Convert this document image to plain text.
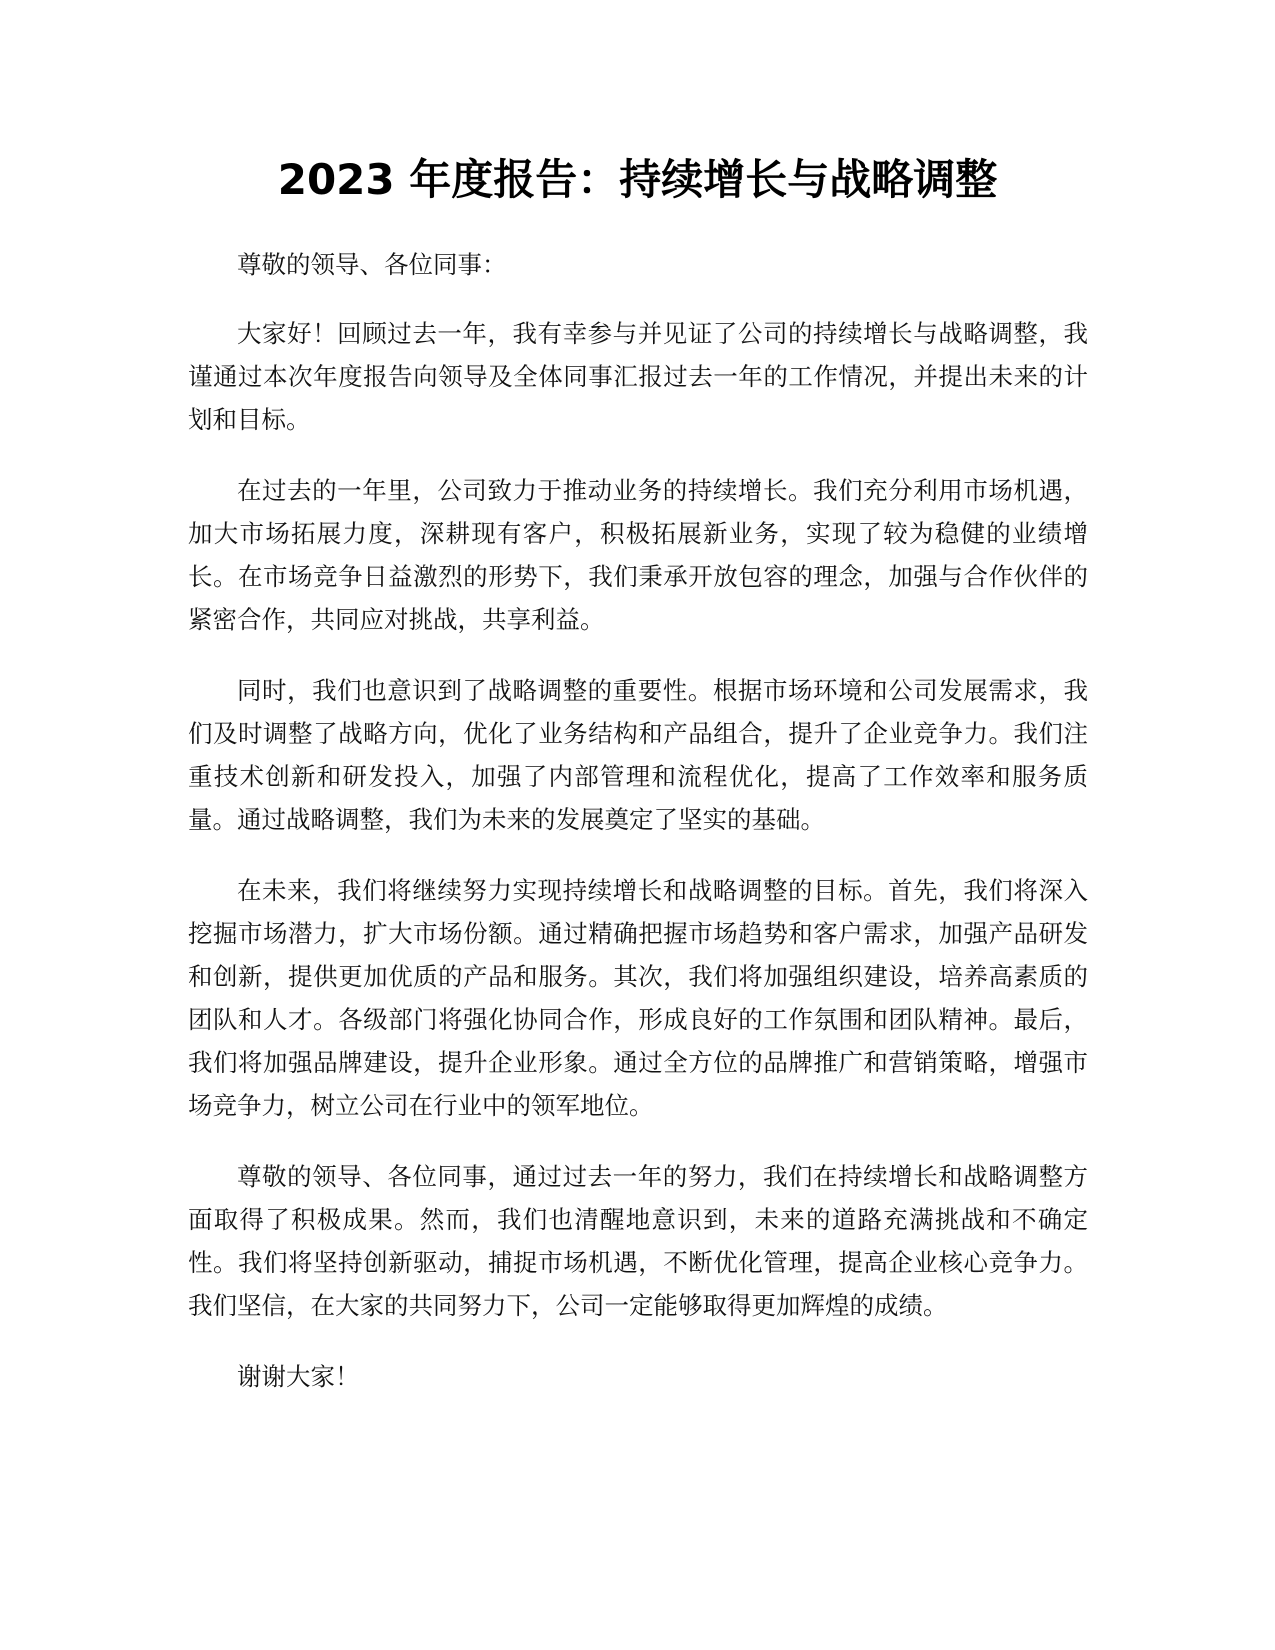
2023 年度报告：持续增长与战略调整

尊敬的领导、各位同事：

大家好！回顾过去一年，我有幸参与并见证了公司的持续增长与战略调整，我谨通过本次年度报告向领导及全体同事汇报过去一年的工作情况，并提出未来的计划和目标。

在过去的一年里，公司致力于推动业务的持续增长。我们充分利用市场机遇，加大市场拓展力度，深耕现有客户，积极拓展新业务，实现了较为稳健的业绩增长。在市场竞争日益激烈的形势下，我们秉承开放包容的理念，加强与合作伙伴的紧密合作，共同应对挑战，共享利益。

同时，我们也意识到了战略调整的重要性。根据市场环境和公司发展需求，我们及时调整了战略方向，优化了业务结构和产品组合，提升了企业竞争力。我们注重技术创新和研发投入，加强了内部管理和流程优化，提高了工作效率和服务质量。通过战略调整，我们为未来的发展奠定了坚实的基础。

在未来，我们将继续努力实现持续增长和战略调整的目标。首先，我们将深入挖掘市场潜力，扩大市场份额。通过精确把握市场趋势和客户需求，加强产品研发和创新，提供更加优质的产品和服务。其次，我们将加强组织建设，培养高素质的团队和人才。各级部门将强化协同合作，形成良好的工作氛围和团队精神。最后，我们将加强品牌建设，提升企业形象。通过全方位的品牌推广和营销策略，增强市场竞争力，树立公司在行业中的领军地位。

尊敬的领导、各位同事，通过过去一年的努力，我们在持续增长和战略调整方面取得了积极成果。然而，我们也清醒地意识到，未来的道路充满挑战和不确定性。我们将坚持创新驱动，捕捉市场机遇，不断优化管理，提高企业核心竞争力。我们坚信，在大家的共同努力下，公司一定能够取得更加辉煌的成绩。

谢谢大家！
